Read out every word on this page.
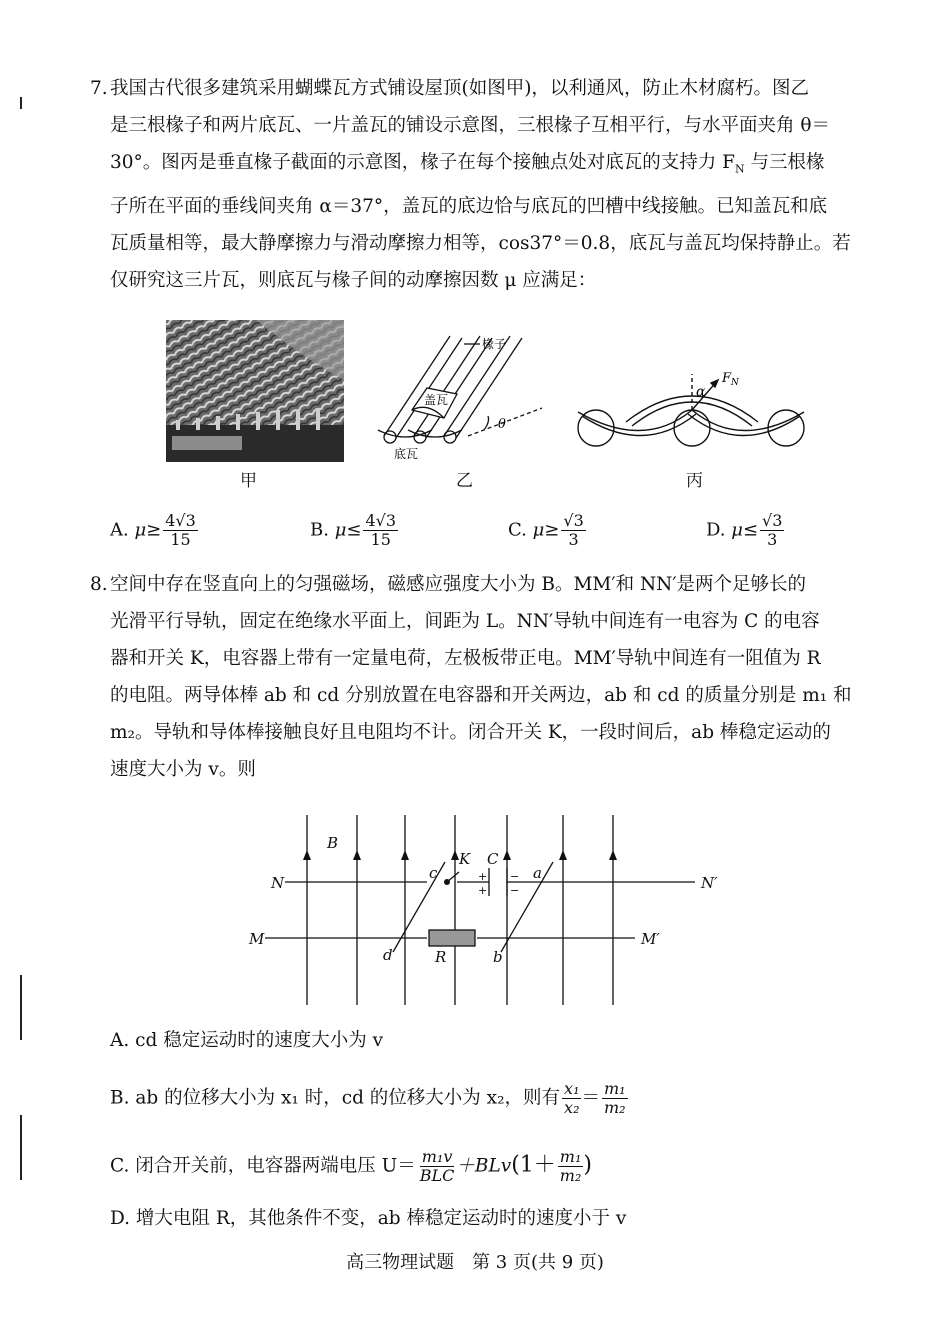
7. 我国古代很多建筑采用蝴蝶瓦方式铺设屋顶(如图甲)，以利通风，防止木材腐朽。图乙
是三根椽子和两片底瓦、一片盖瓦的铺设示意图，三根椽子互相平行，与水平面夹角 θ＝
30°。图丙是垂直椽子截面的示意图，椽子在每个接触点处对底瓦的支持力 $F_N$ 与三根椽
子所在平面的垂线间夹角 α＝37°，盖瓦的底边恰与底瓦的凹槽中线接触。已知盖瓦和底
瓦质量相等，最大静摩擦力与滑动摩擦力相等，cos37°＝0.8，底瓦与盖瓦均保持静止。若
仅研究这三片瓦，则底瓦与椽子间的动摩擦因数 μ 应满足：
甲
椽子
盖瓦
底瓦
θ
乙
α
$F_N$
丙
A. $\mu\ge \frac{4√3}{15}$	B. $\mu\le \frac{4√3}{15}$	C. $\mu\ge \frac{√3}{3}$	D. $\mu\le \frac{√3}{3}$
8. 空间中存在竖直向上的匀强磁场，磁感应强度大小为 B。MM′和 NN′是两个足够长的
光滑平行导轨，固定在绝缘水平面上，间距为 L。NN′导轨中间连有一电容为 C 的电容
器和开关 K，电容器上带有一定量电荷，左极板带正电。MM′导轨中间连有一阻值为 R
的电阻。两导体棒 ab 和 cd 分别放置在电容器和开关两边，ab 和 cd 的质量分别是 m₁ 和
m₂。导轨和导体棒接触良好且电阻均不计。闭合开关 K，一段时间后，ab 棒稳定运动的
速度大小为 v。则
B
N	N′
M	M′
K C
c	a
d	R	b
+
+
−
−
A. cd 稳定运动时的速度大小为 v
B. ab 的位移大小为 x₁ 时，cd 的位移大小为 x₂，则有 $\frac{\text{x₁}}{\text{x₂}} = \frac{\text{m₁}}{\text{m₂}}$
C. 闭合开关前，电容器两端电压 $U= \frac{\text{m₁v}}{\text{BLC}} +BLv(1+ \frac{\text{m₁}}{\text{m₂}}$ )
D. 增大电阻 R，其他条件不变，ab 棒稳定运动时的速度小于 v
高三物理试题　第 3 页(共 9 页)
